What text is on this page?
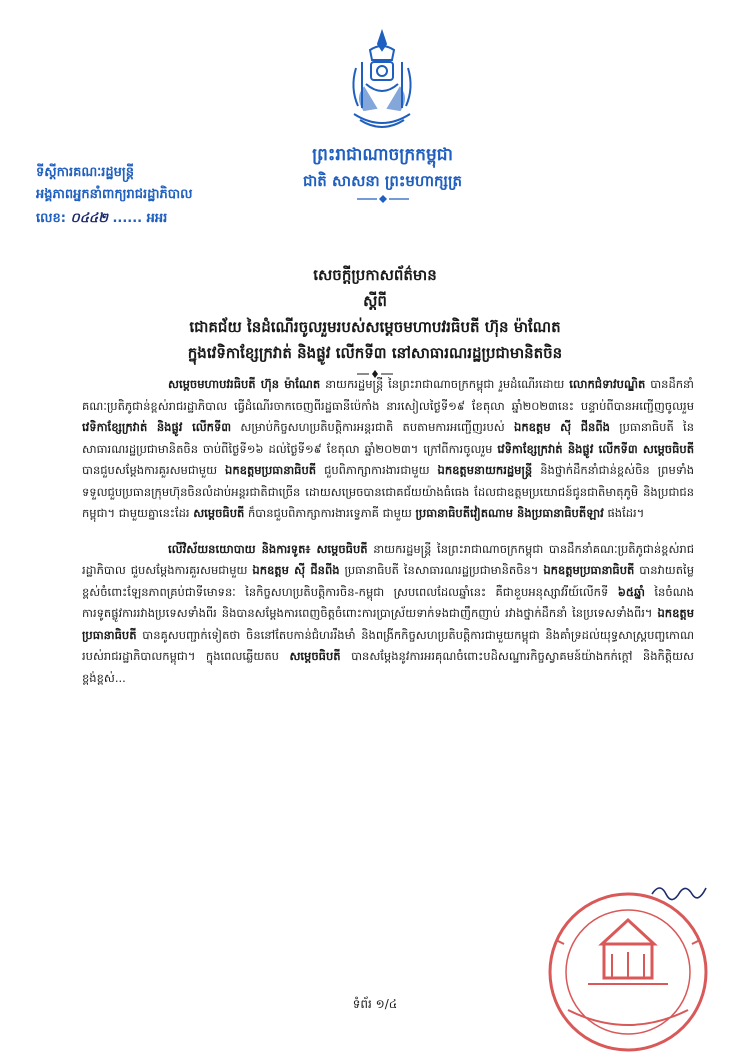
ព្រះរាជាណាចក្រកម្ពុជា
ជាតិ សាសនា ព្រះមហាក្សត្រ
ទីស្តីការគណៈរដ្ឋមន្ត្រី
អង្គភាពអ្នកនាំពាក្យរាជរដ្ឋាភិបាល
លេខ: ០៤៤២ ...... អអរ
សេចក្តីប្រកាសព័ត៌មាន
ស្តីពី
ជោគជ័យ នៃដំណើរចូលរួមរបស់សម្តេចមហាបវរធិបតី ហ៊ុន ម៉ាណែត
ក្នុងវេទិកាខ្សែក្រវាត់ និងផ្លូវ លើកទី៣ នៅសាធារណរដ្ឋប្រជាមានិតចិន

សម្តេចមហាបវរធិបតី ហ៊ុន ម៉ាណែត នាយករដ្ឋមន្ត្រី នៃព្រះរាជាណាចក្រកម្ពុជា រួមដំណើរដោយ លោកជំទាវបណ្ឌិត បានដឹកនាំគណៈប្រតិភូជាន់ខ្ពស់រាជរដ្ឋាភិបាល ធ្វើដំណើរចាកចេញពីរដ្ឋធានីប៉េកាំង នារសៀលថ្ងៃទី១៩ ខែតុលា ឆ្នាំ២០២៣នេះ បន្ទាប់ពីបានអញ្ជើញចូលរួម វេទិកាខ្សែក្រវាត់ និងផ្លូវ លើកទី៣ សម្រាប់កិច្ចសហប្រតិបត្តិការអន្តរជាតិ តបតាមការអញ្ជើញរបស់ ឯកឧត្តម ស៊ី ជីនពីង ប្រធានាធិបតី នៃសាធារណរដ្ឋប្រជាមានិតចិន ចាប់ពីថ្ងៃទី១៦ ដល់ថ្ងៃទី១៩ ខែតុលា ឆ្នាំ២០២៣។ ក្រៅពីការចូលរួម វេទិកាខ្សែក្រវាត់ និងផ្លូវ លើកទី៣ សម្តេចធិបតី បានជួបសម្តែងការគួរសមជាមួយ ឯកឧត្តមប្រធានាធិបតី ជួបពិភាក្សាការងារជាមួយ ឯកឧត្តមនាយករដ្ឋមន្ត្រី និងថ្នាក់ដឹកនាំជាន់ខ្ពស់ចិន ព្រមទាំងទទួលជួបប្រធានក្រុមហ៊ុនចិនលំដាប់អន្តរជាតិជាច្រើន ដោយសម្រេចបានជោគជ័យយ៉ាងធំធេង ដែលជាឧត្តមប្រយោជន៍ជូនជាតិមាតុភូមិ និងប្រជាជនកម្ពុជា។ ជាមួយគ្នានេះដែរ សម្តេចធិបតី ក៏បានជួបពិភាក្សាការងារទ្វេភាគី ជាមួយ ប្រធានាធិបតីវៀតណាម និងប្រធានាធិបតីឡាវ ផងដែរ។

លើវិស័យនយោបាយ និងការទូត៖ សម្តេចធិបតី នាយករដ្ឋមន្ត្រី នៃព្រះរាជាណាចក្រកម្ពុជា បានដឹកនាំគណៈប្រតិភូជាន់ខ្ពស់រាជរដ្ឋាភិបាល ជួបសម្តែងការគួរសមជាមួយ ឯកឧត្តម ស៊ី ជីនពីង ប្រធានាធិបតី នៃសាធារណរដ្ឋប្រជាមានិតចិន។ ឯកឧត្តមប្រធានាធិបតី បានវាយតម្លៃខ្ពស់ចំពោះឡែនភាពគ្រប់ជាទីមោទនៈ នៃកិច្ចសហប្រតិបត្តិការចិន-កម្ពុជា ស្របពេលដែលឆ្នាំនេះ គឺជាខួបអនុស្សាវរីយ៍លើកទី ៦៥ឆ្នាំ នៃចំណងការទូតផ្លូវការរវាងប្រទេសទាំងពីរ និងបានសម្តែងការពេញចិត្តចំពោះការប្រាស្រ័យទាក់ទងជាញឹកញាប់ រវាងថ្នាក់ដឹកនាំ នៃប្រទេសទាំងពីរ។ ឯកឧត្តមប្រធានាធិបតី បានគូសបញ្ជាក់ទៀតថា ចិននៅតែបកាន់ជំហររឹងមាំ និងពង្រីកកិច្ចសហប្រតិបត្តិការជាមួយកម្ពុជា និងគាំទ្រដល់យុទ្ធសាស្ត្របញ្ចកោណរបស់រាជរដ្ឋាភិបាលកម្ពុជា។ ក្នុងពេលឆ្លើយតប សម្តេចធិបតី បានសម្តែងនូវការអរគុណចំពោះបដិសណ្ឋារកិច្ចស្វាគមន៍យ៉ាងកក់ក្តៅ និងកិត្តិយសខ្ពង់ខ្ពស់...

ទំព័រ ១/៤
